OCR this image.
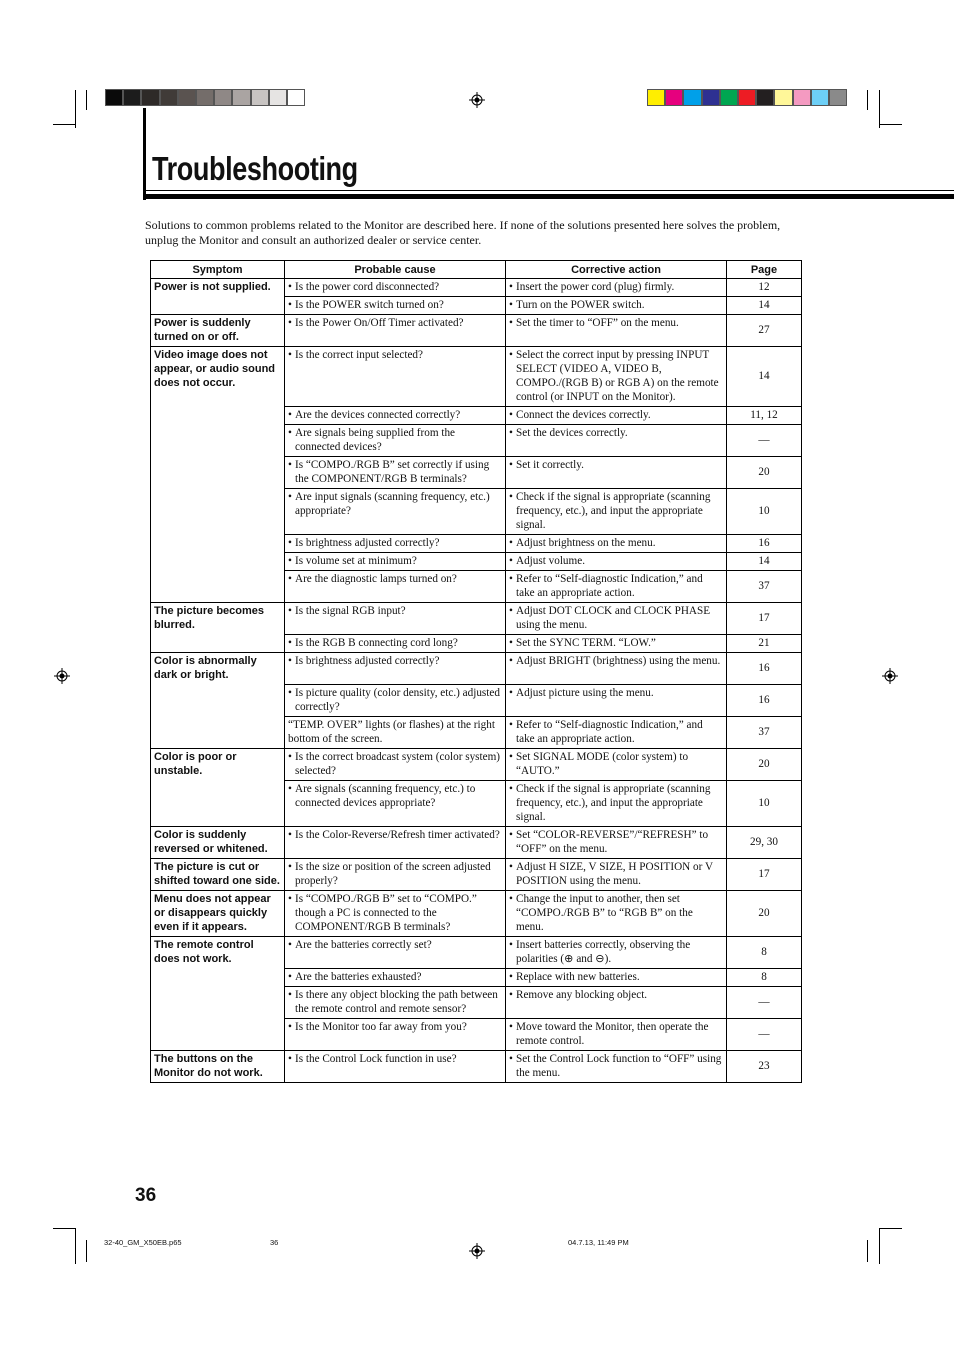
Troubleshooting
Solutions to common problems related to the Monitor are described here. If none of the solutions presented here solves the problem, unplug the Monitor and consult an authorized dealer or service center.
Symptom	Probable cause	Corrective action	Page
Power is not supplied.	• Is the power cord disconnected?	• Insert the power cord (plug) firmly.	12

	• Is the POWER switch turned on?	• Turn on the POWER switch.	14
Power is suddenly turned on or off.	• Is the Power On/Off Timer activated?	• Set the timer to “OFF” on the menu.	27
Video image does not appear, or audio sound does not occur.	• Is the correct input selected?	• Select the correct input by pressing INPUT SELECT (VIDEO A, VIDEO B, COMPO./(RGB B) or RGB A) on the remote control (or INPUT on the Monitor).	14

	• Are the devices connected correctly?	• Connect the devices correctly.	11, 12

	• Are signals being supplied from the connected devices?	• Set the devices correctly.	—

	• Is “COMPO./RGB B” set correctly if using the COMPONENT/RGB B terminals?	• Set it correctly.	20

	• Are input signals (scanning frequency, etc.) appropriate?	• Check if the signal is appropriate (scanning frequency, etc.), and input the appropriate signal.	10

	• Is brightness adjusted correctly?	• Adjust brightness on the menu.	16

	• Is volume set at minimum?	• Adjust volume.	14

	• Are the diagnostic lamps turned on?	• Refer to “Self-diagnostic Indication,” and take an appropriate action.	37
The picture becomes blurred.	• Is the signal RGB input?	• Adjust DOT CLOCK and CLOCK PHASE using the menu.	17

	• Is the RGB B connecting cord long?	• Set the SYNC TERM. “LOW.”	21
Color is abnormally dark or bright.	• Is brightness adjusted correctly?	• Adjust BRIGHT (brightness) using the menu.	16

	• Is picture quality (color density, etc.) adjusted correctly?	• Adjust picture using the menu.	16

	“TEMP. OVER” lights (or flashes) at the right bottom of the screen.	• Refer to “Self-diagnostic Indication,” and take an appropriate action.	37
Color is poor or unstable.	• Is the correct broadcast system (color system) selected?	• Set SIGNAL MODE (color system) to “AUTO.”	20

	• Are signals (scanning frequency, etc.) to connected devices appropriate?	• Check if the signal is appropriate (scanning frequency, etc.), and input the appropriate signal.	10
Color is suddenly reversed or whitened.	• Is the Color-Reverse/Refresh timer activated?	• Set “COLOR-REVERSE”/“REFRESH” to “OFF” on the menu.	29, 30
The picture is cut or shifted toward one side.	• Is the size or position of the screen adjusted properly?	• Adjust H SIZE, V SIZE, H POSITION or V POSITION using the menu.	17
Menu does not appear or disappears quickly even if it appears.	• Is “COMPO./RGB B” set to “COMPO.” though a PC is connected to the COMPONENT/RGB B terminals?	• Change the input to another, then set “COMPO./RGB B” to “RGB B” on the menu.	20
The remote control does not work.	• Are the batteries correctly set?	• Insert batteries correctly, observing the polarities (⊕ and ⊖).	8

	• Are the batteries exhausted?	• Replace with new batteries.	8

	• Is there any object blocking the path between the remote control and remote sensor?	• Remove any blocking object.	—

	• Is the Monitor too far away from you?	• Move toward the Monitor, then operate the remote control.	—
The buttons on the Monitor do not work.	• Is the Control Lock function in use?	• Set the Control Lock function to “OFF” using the menu.	23
36
32-40_GM_X50EB.p65	36	04.7.13, 11:49 PM
